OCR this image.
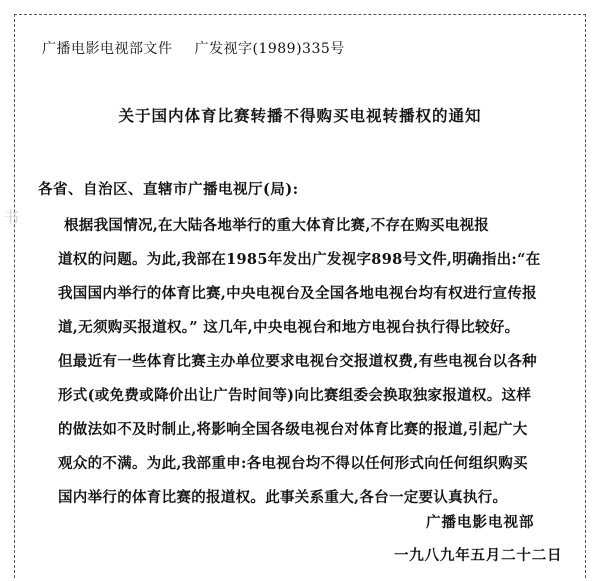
书
广播电影电视部文件 广发视字(1989)335号
关于国内体育比赛转播不得购买电视转播权的通知
各省、自治区、直辖市广播电视厅(局):
根据我国情况,在大陆各地举行的重大体育比赛,不存在购买电视报
道权的问题。为此,我部在1985年发出广发视字898号文件,明确指出:“在
我国国内举行的体育比赛,中央电视台及全国各地电视台均有权进行宣传报
道,无须购买报道权。” 这几年,中央电视台和地方电视台执行得比较好。
但最近有一些体育比赛主办单位要求电视台交报道权费,有些电视台以各种
形式(或免费或降价出让广告时间等)向比赛组委会换取独家报道权。这样
的做法如不及时制止,将影响全国各级电视台对体育比赛的报道,引起广大
观众的不满。为此,我部重申:各电视台均不得以任何形式向任何组织购买
国内举行的体育比赛的报道权。此事关系重大,各台一定要认真执行。
广播电影电视部
一九八九年五月二十二日
